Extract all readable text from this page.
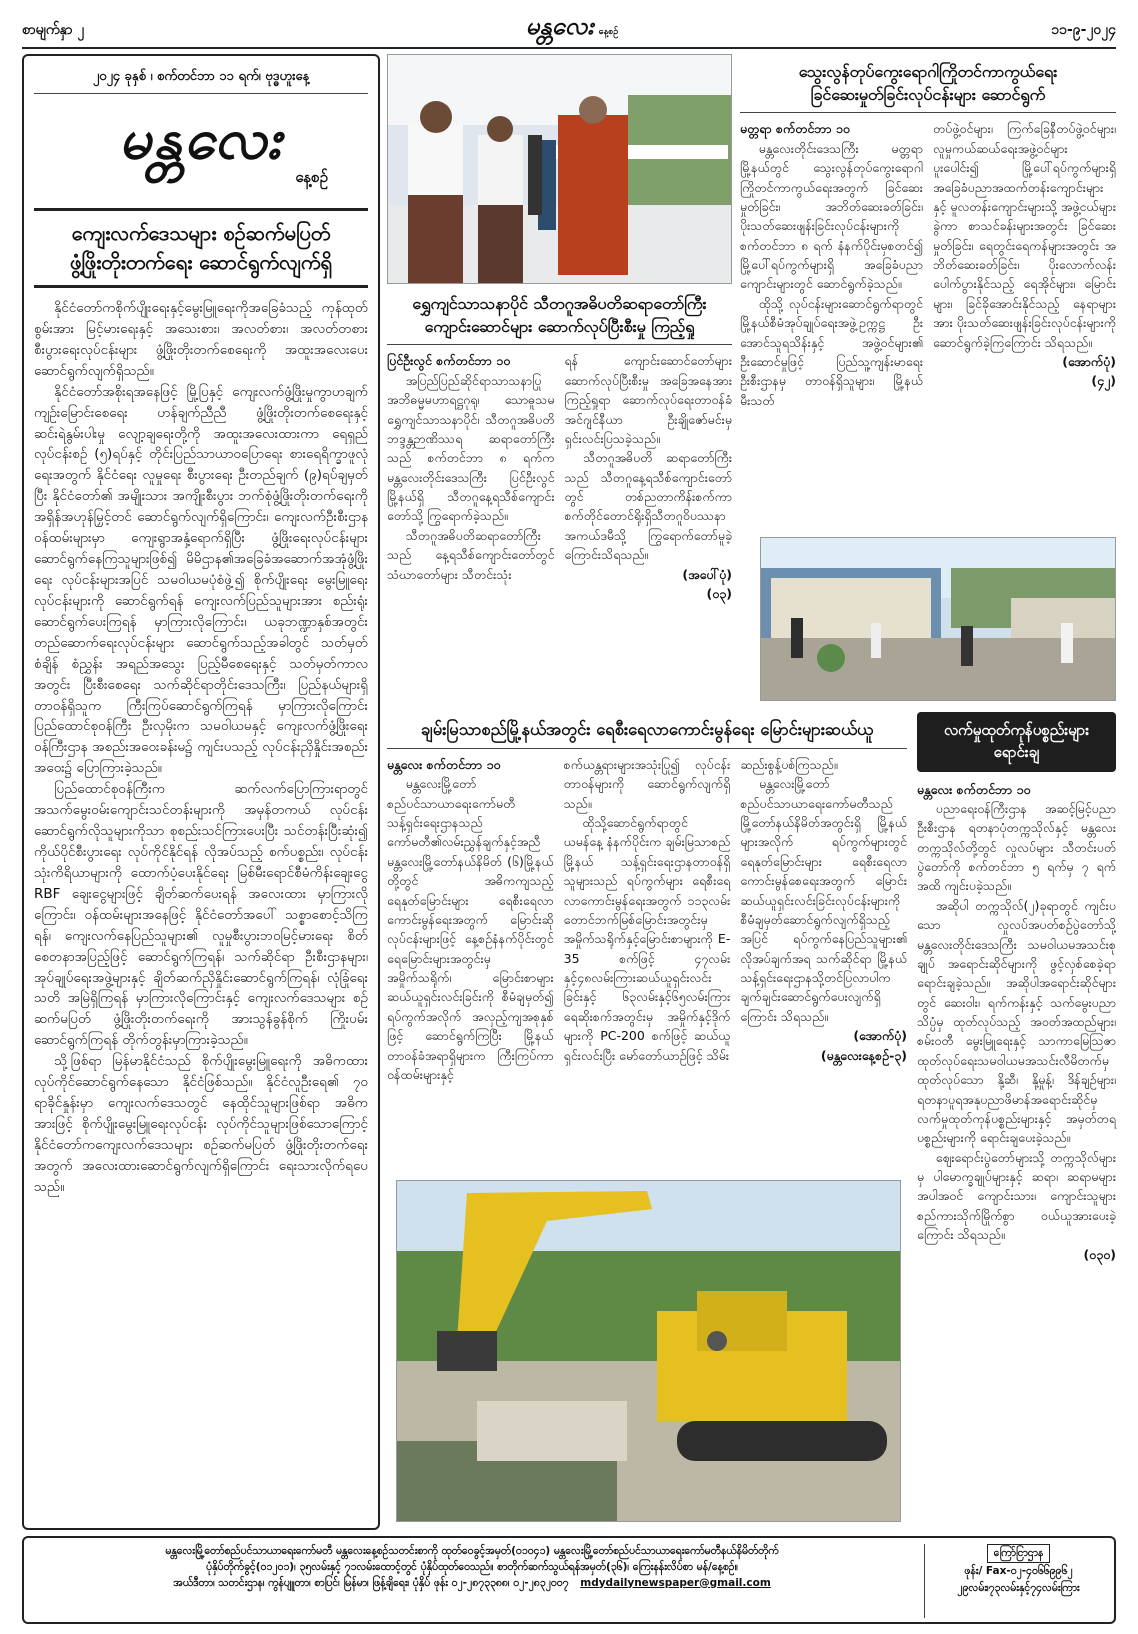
စာမျက်နှာ ၂	မန္တလေး နေ့စဉ်	၁၁-၉-၂၀၂၄
၂၀၂၄ ခုနှစ် ၊ စက်တင်ဘာ ၁၁ ရက်၊ ဗုဒ္ဓဟူးနေ့
မန္တလေး
နေ့စဉ်
ကျေးလက်ဒေသများ စဉ်ဆက်မပြတ်
ဖွံ့ဖြိုးတိုးတက်ရေး ဆောင်ရွက်လျက်ရှိ

နိုင်ငံတော်ကစိုက်ပျိုးရေးနှင့်မွေးမြူရေးကိုအခြေခံသည့် ကုန်ထုတ်စွမ်းအား မြင့်မားရေးနှင့် အသေးစား၊ အလတ်စား၊ အလတ်တစား စီးပွားရေးလုပ်ငန်းများ ဖွံ့ဖြိုးတိုးတက်စေရေးကို အထူးအလေးပေး ဆောင်ရွက်လျက်ရှိသည်။

နိုင်ငံတော်အစိုးရအနေဖြင့် မြို့ပြနှင့် ကျေးလက်ဖွံ့ဖြိုးမှုကွာဟချက် ကျဉ်းမြောင်းစေရေး ဟန်ချက်ညီညီ ဖွံ့ဖြိုးတိုးတက်စေရေးနှင့် ဆင်းရဲနွမ်းပါးမှု လျော့ချရေးတို့ကို အထူးအလေးထားကာ ရေရှည်လုပ်ငန်းစဉ် (၅)ရပ်နှင့် တိုင်းပြည်သာယာဝပြောရေး စားရေရိက္ခာဖူလုံရေးအတွက် နိုင်ငံရေး လူမှုရေး စီးပွားရေး ဦးတည်ချက် (၉)ရပ်ချမှတ်ပြီး နိုင်ငံတော်၏ အမျိုးသား အကျိုးစီးပွား ဘက်စုံဖွံ့ဖြိုးတိုးတက်ရေးကို အရှိန်အဟုန်မြှင့်တင် ဆောင်ရွက်လျက်ရှိကြောင်း၊ ကျေးလက်ဦးစီးဌာန ဝန်ထမ်းများမှာ ကျေးရွာအနှံ့ရောက်ရှိပြီး ဖွံ့ဖြိုးရေးလုပ်ငန်းများ ဆောင်ရွက်နေကြသူများဖြစ်၍ မိမိဌာန၏အခြေခံအဆောက်အအုံဖွံ့ဖြိုးရေး လုပ်ငန်းများအပြင် သမဝါယမပုံစံဖွဲ့၍ စိုက်ပျိုးရေး မွေးမြူရေး လုပ်ငန်းများကို ဆောင်ရွက်ရန် ကျေးလက်ပြည်သူများအား စည်းရုံးဆောင်ရွက်ပေးကြရန် မှာကြားလိုကြောင်း၊ ယခုဘဏ္ဍာနှစ်အတွင်း တည်ဆောက်ရေးလုပ်ငန်းများ ဆောင်ရွက်သည့်အခါတွင် သတ်မှတ်စံချိန် စံညွှန်း အရည်အသွေး ပြည့်မီစေရေးနှင့် သတ်မှတ်ကာလအတွင်း ပြီးစီးစေရေး သက်ဆိုင်ရာတိုင်းဒေသကြီး၊ ပြည်နယ်များရှိ တာဝန်ရှိသူက ကြီးကြပ်ဆောင်ရွက်ကြရန် မှာကြားလိုကြောင်း ပြည်ထောင်စုဝန်ကြီး ဦးလှမိုးက သမဝါယမနှင့် ကျေးလက်ဖွံ့ဖြိုးရေးဝန်ကြီးဌာန အစည်းအဝေးခန်းမ၌ ကျင်းပသည့် လုပ်ငန်းညှိနှိုင်းအစည်း အဝေး၌ ပြောကြားခဲ့သည်။

ပြည်ထောင်စုဝန်ကြီးက ဆက်လက်ပြောကြားရာတွင် အသက်မွေးဝမ်းကျောင်းသင်တန်းများကို အမှန်တကယ် လုပ်ငန်းဆောင်ရွက်လိုသူများကိုသာ စုစည်းသင်ကြားပေးပြီး သင်တန်းပြီးဆုံး၍ ကိုယ်ပိုင်စီးပွားရေး လုပ်ကိုင်နိုင်ရန် လိုအပ်သည့် စက်ပစ္စည်း၊ လုပ်ငန်းသုံးကိရိယာများကို ထောက်ပံ့ပေးနိုင်ရေး မြစ်မီးရောင်စီမံကိန်းချေးငွေ RBF ချေးငွေများဖြင့် ချိတ်ဆက်ပေးရန် အလေးထား မှာကြားလိုကြောင်း၊ ဝန်ထမ်းများအနေဖြင့် နိုင်ငံတော်အပေါ် သစ္စာစောင့်သိကြရန်၊ ကျေးလက်နေပြည်သူများ၏ လူမှုစီးပွားဘဝမြင့်မားရေး စိတ်စေတနာအပြည့်ဖြင့် ဆောင်ရွက်ကြရန်၊ သက်ဆိုင်ရာ ဦးစီးဌာနများ၊ အုပ်ချုပ်ရေးအဖွဲ့များနှင့် ချိတ်ဆက်ညှိနှိုင်းဆောင်ရွက်ကြရန်၊ လုံခြုံရေးသတိ အမြဲရှိကြရန် မှာကြားလိုကြောင်းနှင့် ကျေးလက်ဒေသများ စဉ်ဆက်မပြတ် ဖွံ့ဖြိုးတိုးတက်ရေးကို အားသွန်ခွန်စိုက် ကြိုးပမ်းဆောင်ရွက်ကြရန် တိုက်တွန်းမှာကြားခဲ့သည်။

သို့ဖြစ်ရာ မြန်မာနိုင်ငံသည် စိုက်ပျိုးမွေးမြူရေးကို အဓိကထားလုပ်ကိုင်ဆောင်ရွက်နေသော နိုင်ငံဖြစ်သည်။ နိုင်ငံလူဦးရေ၏ ၇၀ ရာခိုင်နှုန်းမှာ ကျေးလက်ဒေသတွင် နေထိုင်သူများဖြစ်ရာ အဓိကအားဖြင့် စိုက်ပျိုးမွေးမြူရေးလုပ်ငန်း လုပ်ကိုင်သူများဖြစ်သောကြောင့် နိုင်ငံတော်ကကျေးလက်ဒေသများ စဉ်ဆက်မပြတ် ဖွံ့ဖြိုးတိုးတက်ရေးအတွက် အလေးထားဆောင်ရွက်လျက်ရှိကြောင်း ရေးသားလိုက်ရပေသည်။

ရွှေကျင်သာသနာပိုင် သီတဂူအဓိပတိဆရာတော်ကြီး
ကျောင်းဆောင်များ ဆောက်လုပ်ပြီးစီးမှု ကြည့်ရှု
ပြင်ဦးလွင် စက်တင်ဘာ ၁၀

အပြည်ပြည်ဆိုင်ရာသာသနာပြု အဘိဓမ္မမဟာရဋ္ဌဂုရု၊ သောဓူသမ ရွှေကျင်သာသနာပိုင်၊ သီတဂူအဓိပတိဘဒ္ဒန္တဉာဏိဿရ ဆရာတော်ကြီးသည် စက်တင်ဘာ ၈ ရက်က မန္တလေးတိုင်းဒေသကြီး ပြင်ဦးလွင်မြို့နယ်ရှိ သီတဂူနေ့ရသီစ်ကျောင်းတော်သို့ ကြွရောက်ခဲ့သည်။

သီတဂူအဓိပတိဆရာတော်ကြီးသည် နေ့ရသီစ်ကျောင်းတော်တွင် သံဃာတော်များ သီတင်းသုံး

ရန် ကျောင်းဆောင်တော်များ ဆောက်လုပ်ပြီးစီးမှု အခြေအနေအားကြည့်ရှုရာ ဆောက်လုပ်ရေးတာဝန်ခံ အင်ဂျင်နီယာ ဦးချိုဇော်မင်းမှ ရှင်းလင်းပြသခဲ့သည်။

သီတဂူအဓိပတိ ဆရာတော်ကြီးသည် သီတဂူနေ့ရသီစ်ကျောင်းတော်တွင် တစ်ညတာကိန်းစက်ကာ စက်တိုင်တောင်ရိုးရှိသီတဂူဝိပဿနာအကယ်ဒမီသို့ ကြွရောက်တော်မူခဲ့ကြောင်းသိရသည်။

(အပေါ်ပုံ)
(၀၃)
သွေးလွန်တုပ်ကွေးရောဂါကြိုတင်ကာကွယ်ရေး
ခြင်ဆေးမှုတ်ခြင်းလုပ်ငန်းများ ဆောင်ရွက်
မတ္တရာ စက်တင်ဘာ ၁၀

မန္တလေးတိုင်းဒေသကြီး မတ္တရာမြို့နယ်တွင် သွေးလွန်တုပ်ကွေးရောဂါကြိုတင်ကာကွယ်ရေးအတွက် ခြင်ဆေးမှုတ်ခြင်း၊ အဘိတ်ဆေးခတ်ခြင်း၊ ပိုးသတ်ဆေးဖျန်းခြင်းလုပ်ငန်းများကို စက်တင်ဘာ ၈ ရက် နံနက်ပိုင်းမှစတင်၍ မြို့ပေါ်ရပ်ကွက်များရှိ အခြေခံပညာကျောင်းများတွင် ဆောင်ရွက်ခဲ့သည်။

ထိုသို့ လုပ်ငန်းများဆောင်ရွက်ရာတွင် မြို့နယ်စီမံအုပ်ချုပ်ရေးအဖွဲ့ဥက္ကဋ္ဌ ဦးအောင်သူရသိန်းနှင့် အဖွဲ့ဝင်များ၏ ဦးဆောင်မှုဖြင့် ပြည်သူ့ကျန်းမာရေးဦးစီးဌာနမှ တာဝန်ရှိသူများ၊ မြို့နယ်မီးသတ်

တပ်ဖွဲ့ဝင်များ၊ ကြက်ခြေနီတပ်ဖွဲ့ဝင်များ၊ လူမှုကယ်ဆယ်ရေးအဖွဲ့ဝင်များ ပူးပေါင်း၍ မြို့ပေါ်ရပ်ကွက်များရှိ အခြေခံပညာအထက်တန်းကျောင်းများနှင့် မူလတန်းကျောင်းများသို့ အဖွဲ့ငယ်များခွဲကာ စာသင်ခန်းများအတွင်း ခြင်ဆေးမှုတ်ခြင်း၊ ရေတွင်းရေကန်များအတွင်း အဘိတ်ဆေးခတ်ခြင်း၊ ပိုးလောက်လန်း ပေါက်ပွားနိုင်သည့် ရေအိုင်များ၊ မြောင်းများ၊ ခြင်ခိုအောင်းနိုင်သည့် နေရာများအား ပိုးသတ်ဆေးဖျန်းခြင်းလုပ်ငန်းများကို ဆောင်ရွက်ခဲ့ကြကြောင်း သိရသည်။

(အောက်ပုံ)
(၄၂)
ချမ်းမြသာစည်မြို့နယ်အတွင်း ရေစီးရေလာကောင်းမွန်ရေး မြောင်းများဆယ်ယူ
မန္တလေး စက်တင်ဘာ ၁၀

မန္တလေးမြို့တော်စည်ပင်သာယာရေးကော်မတီ သန့်ရှင်းရေးဌာနသည် ကော်မတီ၏လမ်းညွှန်ချက်နှင့်အညီ မန္တလေးမြို့တော်နယ်နိမိတ် (၆)မြို့နယ်တို့တွင် အဓိကကျသည့် ရေနုတ်မြောင်းများ ရေစီးရေလာကောင်းမွန်ရေးအတွက် မြောင်းဆိုလုပ်ငန်းများဖြင့် နေ့စဉ်နံနက်ပိုင်းတွင် ရေမြောင်းများအတွင်းမှ အမှိုက်သရိုက်၊ မြောင်းစာများ ဆယ်ယူရှင်းလင်းခြင်းကို စီမံချမှတ်၍ ရပ်ကွက်အလိုက် အလှည့်ကျအစုနှစ်ဖြင့် ဆောင်ရွက်ကြပြီး မြို့နယ်တာဝန်ခံအရာရှိများက ကြီးကြပ်ကာ ဝန်ထမ်းများနှင့်

စက်ယန္တရားများအသုံးပြု၍ လုပ်ငန်းတာဝန်များကို ဆောင်ရွက်လျက်ရှိသည်။

ထိုသို့ဆောင်ရွက်ရာတွင် ယမန်နေ့ နံနက်ပိုင်းက ချမ်းမြသာစည်မြို့နယ် သန့်ရှင်းရေးဌာနတာဝန်ရှိသူများသည် ရပ်ကွက်များ ရေစီးရေလာကောင်းမွန်ရေးအတွက် ၁၁၃လမ်းတောင်ဘက်မြစ်မြောင်းအတွင်းမှ အမှိုက်သရိုက်နှင့်မြောင်းစာများကို E-35 စက်ဖြင့် ၄၇လမ်းနှင့်၄၈လမ်းကြားဆယ်ယူရှင်းလင်းခြင်းနှင့် ၆၃လမ်းနှင့်၆၅လမ်းကြား ရေဆိုးစက်အတွင်းမှ အမှိုက်နှင့်ဒိုက်များကို PC-200 စက်ဖြင့် ဆယ်ယူရှင်းလင်းပြီး မော်တော်ယာဉ်ဖြင့် သိမ်း

ဆည်းစွန့်ပစ်ကြသည်။

မန္တလေးမြို့တော်စည်ပင်သာယာရေးကော်မတီသည် မြို့တော်နယ်နိမိတ်အတွင်းရှိ မြို့နယ်များအလိုက် ရပ်ကွက်များတွင် ရေနုတ်မြောင်းများ ရေစီးရေလာကောင်းမွန်စေရေးအတွက် မြောင်းဆယ်ယူရှင်းလင်းခြင်းလုပ်ငန်းများကို စီမံချမှတ်ဆောင်ရွက်လျက်ရှိသည့်အပြင် ရပ်ကွက်နေပြည်သူများ၏ လိုအပ်ချက်အရ သက်ဆိုင်ရာ မြို့နယ်သန့်ရှင်းရေးဌာနသို့တင်ပြလာပါက ချက်ချင်းဆောင်ရွက်ပေးလျက်ရှိကြောင်း သိရသည်။

(အောက်ပုံ)
(မန္တလေးနေ့စဉ်-၃)
လက်မှုထုတ်ကုန်ပစ္စည်းများ
ရောင်းချ
မန္တလေး စက်တင်ဘာ ၁၀

ပညာရေးဝန်ကြီးဌာန အဆင့်မြင့်ပညာဦးစီးဌာန ရတနာပုံတက္ကသိုလ်နှင့် မန္တလေးတက္ကသိုလ်တို့တွင် လှုလပ်များ သီတင်းပတ်ပွဲတော်ကို စက်တင်ဘာ ၅ ရက်မှ ၇ ရက်အထိ ကျင်းပခဲ့သည်။

အဆိုပါ တက္ကသိုလ်(၂)ခုရာတွင် ကျင်းပသော လှုလပ်အပတ်စဉ်ပွဲတော်သို့ မန္တလေးတိုင်းဒေသကြီး သမဝါယမအသင်းစုချုပ် အရောင်းဆိုင်များကို ဖွင့်လှစ်စေခဲ့ရာ ရောင်းချခဲ့သည်။ အဆိုပါအရောင်းဆိုင်များတွင် ဆေးဝါး၊ ရက်ကန်းနှင့် သက်မွေးပညာသိပ္ပံမှ ထုတ်လုပ်သည့် အဝတ်အထည်များ၊ စမ်းဝတီ မွေးမြူရေးနှင့် သာကာမြေဩဇာ ထုတ်လုပ်ရေးသမဝါယမအသင်းလီမိတက်မှ ထုတ်လုပ်သော နို့ဆီ၊ နို့မှုန့်၊ ဒိန်ချဉ်များ၊ ရတနာပူရအနုပညာဖိမာန်အရောင်းဆိုင်မှ လက်မှုထုတ်ကုန်ပစ္စည်းများနှင့် အမှတ်တရပစ္စည်းများကို ရောင်းချပေးခဲ့သည်။

ဈေးရောင်းပွဲတော်များသို့ တက္ကသိုလ်များမှ ပါမောက္ခချုပ်များနှင့် ဆရာ၊ ဆရာမများ အပါအဝင် ကျောင်းသား၊ ကျောင်းသူများ စည်ကားသိုက်မြိုက်စွာ ဝယ်ယူအားပေးခဲ့ကြောင်း သိရသည်။

(၀၃၀)
မန္တလေးမြို့တော်စည်ပင်သာယာရေးကော်မတီ မန္တလေးနေ့စဉ်သတင်းစာကို ထုတ်ဝေခွင့်အမှတ်(၀၁၀၄၁) မန္တလေးမြို့တော်စည်ပင်သာယာရေးကော်မတီနယ်နိမိတ်တိုက်
ပုံနှိပ်တိုက်ခွင့်(၀၁၂၀၁)၊ ၃၅လမ်းနှင့် ၇၁လမ်းထောင့်တွင် ပုံနှိပ်ထုတ်ဝေသည်။ စာတိုက်ဆက်သွယ်ရန်အမှတ်(၃၆)၊ ကြေးနန်းလိပ်စာ မန်/နေ့စဉ်။
အယ်ဒီတာ၊ သတင်းဌာန၊ ကွန်ပျူတာ၊ စာပြင်၊ မြန်မာ၊ ဖြန့်ချိရေး၊ ပုံနှိပ် ဖုန်း ၀၂-၂၈၇၃၃၈၈၊ ၀၂-၂၈၃၂၀၀၇ mdydailynewspaper@gmail.com
ကြော်ငြာဌာန
ဖုန်း/ Fax-၀၂-၄၀၆၆၉၉၆၂
၂၉လမ်း၊၇၃လမ်းနှင့်၇၄လမ်းကြား
